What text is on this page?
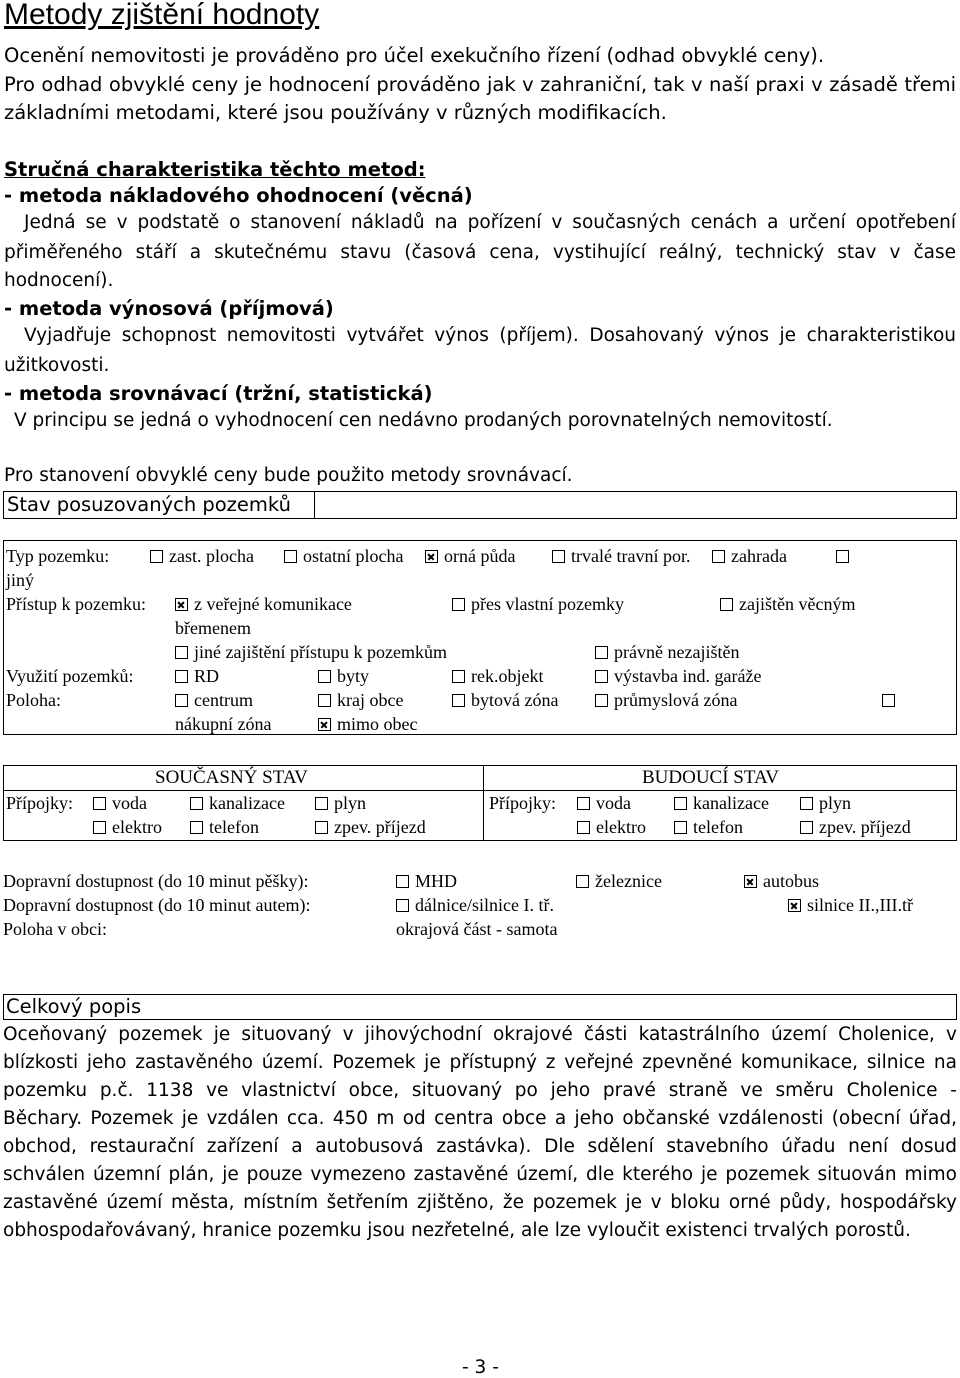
Metody zjištění hodnoty
Ocenění nemovitosti je prováděno pro účel exekučního řízení (odhad obvyklé ceny).
Pro odhad obvyklé ceny je hodnocení prováděno jak v zahraniční, tak v naší praxi v zásadě třemi
základními metodami, které jsou používány v různých modifikacích.
Stručná charakteristika těchto metod:
- metoda nákladového ohodnocení (věcná)
Jedná se v podstatě o stanovení nákladů na pořízení v současných cenách a určení opotřebení
přiměřeného stáří a skutečnému stavu (časová cena, vystihující reálný, technický stav v čase
hodnocení).
- metoda výnosová (příjmová)
Vyjadřuje schopnost nemovitosti vytvářet výnos (příjem). Dosahovaný výnos je charakteristikou
užitkovosti.
- metoda srovnávací (tržní, statistická)
V principu se jedná o vyhodnocení cen nedávno prodaných porovnatelných nemovitostí.
Pro stanovení obvyklé ceny bude použito metody srovnávací.
Stav posuzovaných pozemků
Typ pozemku:	zast. plocha	ostatní plocha	orná půda	trvalé travní por.	zahrada
jiný
Přístup k pozemku:	z veřejné komunikace	přes vlastní pozemky	zajištěn věcným
břemenem
jiné zajištění přístupu k pozemkům	právně nezajištěn
Využití pozemků:	RD	byty	rek.objekt	výstavba ind. garáže
Poloha:	centrum	kraj obce	bytová zóna	průmyslová zóna
nákupní zóna	mimo obec
SOUČASNÝ STAV	BUDOUCÍ STAV
Přípojky:	voda	kanalizace	plyn
elektro	telefon	zpev. příjezd
Přípojky:	voda	kanalizace	plyn
elektro	telefon	zpev. příjezd
Dopravní dostupnost (do 10 minut pěšky):	MHD	železnice	autobus
Dopravní dostupnost (do 10 minut autem):	dálnice/silnice I. tř.	silnice II.,III.tř
Poloha v obci:	okrajová část - samota
Celkový popis
Oceňovaný pozemek je situovaný v jihovýchodní okrajové části katastrálního území Cholenice, v
blízkosti jeho zastavěného území. Pozemek je přístupný z veřejné zpevněné komunikace, silnice na
pozemku p.č. 1138 ve vlastnictví obce, situovaný po jeho pravé straně ve směru Cholenice -
Běchary. Pozemek je vzdálen cca. 450 m od centra obce a jeho občanské vzdálenosti (obecní úřad,
obchod, restaurační zařízení a autobusová zastávka). Dle sdělení stavebního úřadu není dosud
schválen územní plán, je pouze vymezeno zastavěné území, dle kterého je pozemek situován mimo
zastavěné území města, místním šetřením zjištěno, že pozemek je v bloku orné půdy, hospodářsky
obhospodařovávaný, hranice pozemku jsou nezřetelné, ale lze vyloučit existenci trvalých porostů.
- 3 -
